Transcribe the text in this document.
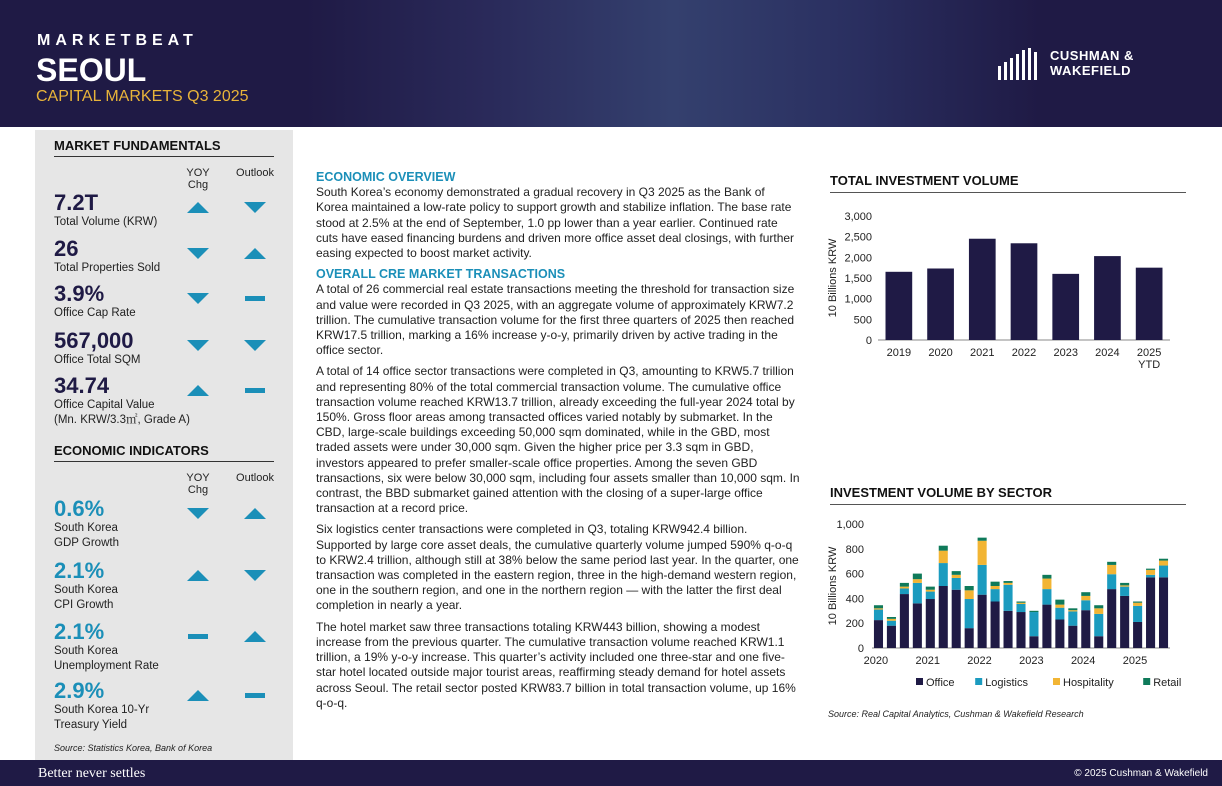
MARKETBEAT
SEOUL
CAPITAL MARKETS Q3 2025
CUSHMAN &
WAKEFIELD
MARKET FUNDAMENTALS
YOY Chg
Outlook
7.2T
Total Volume (KRW)
26
Total Properties Sold
3.9%
Office Cap Rate
567,000
Office Total SQM
34.74
Office Capital Value
(Mn. KRW/3.3㎡, Grade A)
ECONOMIC INDICATORS
YOY Chg
Outlook
0.6%
South Korea
GDP Growth
2.1%
South Korea
CPI Growth
2.1%
South Korea
Unemployment Rate
2.9%
South Korea 10-Yr
Treasury Yield
Source: Statistics Korea, Bank of Korea
ECONOMIC OVERVIEW

South Korea’s economy demonstrated a gradual recovery in Q3 2025 as the Bank of Korea maintained a low-rate policy to support growth and stabilize inflation. The base rate stood at 2.5% at the end of September, 1.0 pp lower than a year earlier. Continued rate cuts have eased financing burdens and driven more office asset deal closings, with further easing expected to boost market activity.

OVERALL CRE MARKET TRANSACTIONS

A total of 26 commercial real estate transactions meeting the threshold for transaction size and value were recorded in Q3 2025, with an aggregate volume of approximately KRW7.2 trillion. The cumulative transaction volume for the first three quarters of 2025 then reached KRW17.5 trillion, marking a 16% increase y-o-y, primarily driven by active trading in the office sector.

A total of 14 office sector transactions were completed in Q3, amounting to KRW5.7 trillion and representing 80% of the total commercial transaction volume. The cumulative office transaction volume reached KRW13.7 trillion, already exceeding the full-year 2024 total by 150%. Gross floor areas among transacted offices varied notably by submarket. In the CBD, large-scale buildings exceeding 50,000 sqm dominated, while in the GBD, most traded assets were under 30,000 sqm. Given the higher price per 3.3 sqm in GBD, investors appeared to prefer smaller-scale office properties. Among the seven GBD transactions, six were below 30,000 sqm, including four assets smaller than 10,000 sqm. In contrast, the BBD submarket gained attention with the closing of a super-large office transaction at a record price.

Six logistics center transactions were completed in Q3, totaling KRW942.4 billion. Supported by large core asset deals, the cumulative quarterly volume jumped 590% q-o-q to KRW2.4 trillion, although still at 38% below the same period last year. In the quarter, one transaction was completed in the eastern region, three in the high-demand western region, one in the southern region, and one in the northern region — with the latter the first deal completion in nearly a year.

The hotel market saw three transactions totaling KRW443 billion, showing a modest increase from the previous quarter. The cumulative transaction volume reached KRW1.1 trillion, a 19% y-o-y increase. This quarter’s activity included one three-star and one five-star hotel located outside major tourist areas, reaffirming steady demand for hotel assets across Seoul. The retail sector posted KRW83.7 billion in total transaction volume, up 16% q-o-q.

TOTAL INVESTMENT VOLUME
0
500
1,000
1,500
2,000
2,500
3,000
10 Billions KRW
2019 2020 2021 2022 2023 2024 2025
YTD
INVESTMENT VOLUME BY SECTOR
0
200
400
600
800
1,000
10 Billions KRW
2020 2021 2022 2023 2024 2025
Office	Logistics	Hospitality	Retail
Source: Real Capital Analytics, Cushman & Wakefield Research
Better never settles	© 2025 Cushman & Wakefield
